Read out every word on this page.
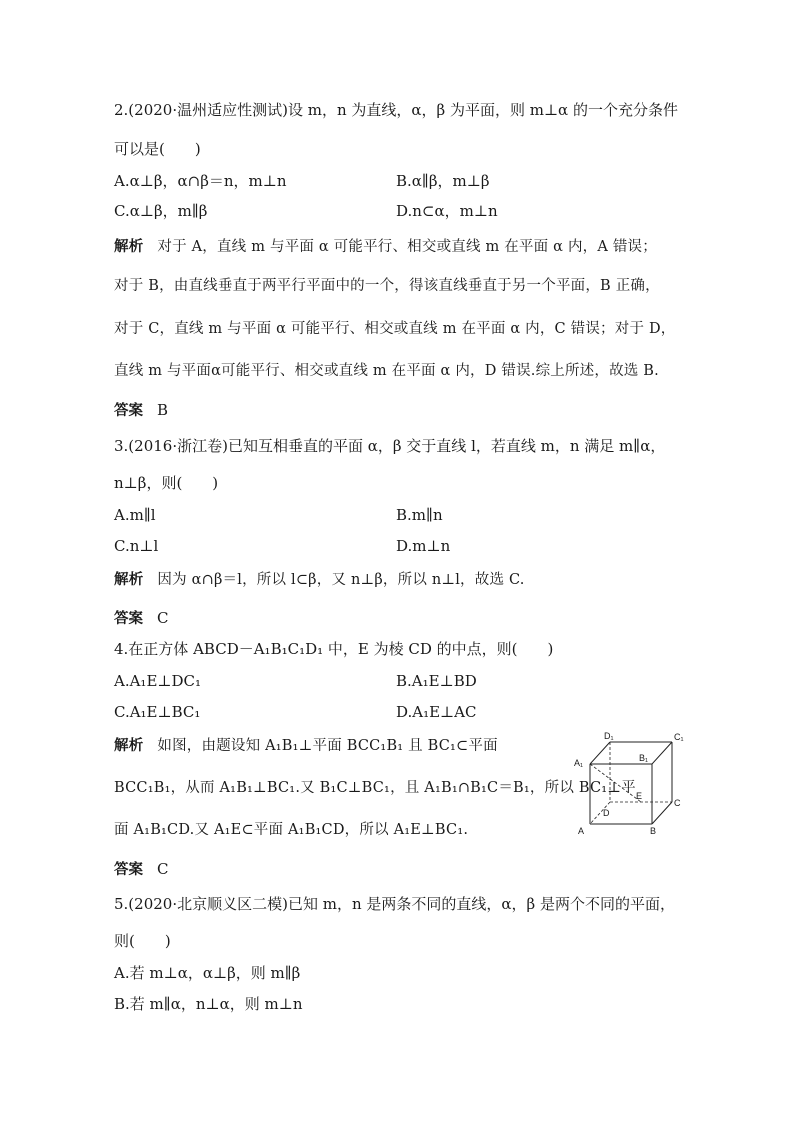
2.(2020·温州适应性测试)设 m，n 为直线，α，β 为平面，则 m⊥α 的一个充分条件
可以是(　　)
A.α⊥β，α∩β＝n，m⊥n	B.α∥β，m⊥β
C.α⊥β，m∥β	D.n⊂α，m⊥n
解析 对于 A，直线 m 与平面 α 可能平行、相交或直线 m 在平面 α 内，A 错误；
对于 B，由直线垂直于两平行平面中的一个，得该直线垂直于另一个平面，B 正确，
对于 C，直线 m 与平面 α 可能平行、相交或直线 m 在平面 α 内，C 错误；对于 D，
直线 m 与平面α可能平行、相交或直线 m 在平面 α 内，D 错误.综上所述，故选 B.
答案 B
3.(2016·浙江卷)已知互相垂直的平面 α，β 交于直线 l，若直线 m，n 满足 m∥α，
n⊥β，则(　　)
A.m∥l	B.m∥n
C.n⊥l	D.m⊥n
解析 因为 α∩β＝l，所以 l⊂β，又 n⊥β，所以 n⊥l，故选 C.
答案 C
4.在正方体 ABCD－A₁B₁C₁D₁ 中，E 为棱 CD 的中点，则(　　)
A.A₁E⊥DC₁	B.A₁E⊥BD
C.A₁E⊥BC₁	D.A₁E⊥AC
解析 如图，由题设知 A₁B₁⊥平面 BCC₁B₁ 且 BC₁⊂平面
BCC₁B₁，从而 A₁B₁⊥BC₁.又 B₁C⊥BC₁，且 A₁B₁∩B₁C＝B₁，所以 BC₁⊥平
面 A₁B₁CD.又 A₁E⊂平面 A₁B₁CD，所以 A₁E⊥BC₁.
答案 C
D₁	C₁
A₁	B₁
E
C
D
A	B
5.(2020·北京顺义区二模)已知 m，n 是两条不同的直线，α，β 是两个不同的平面，
则(　　)
A.若 m⊥α，α⊥β，则 m∥β
B.若 m∥α，n⊥α，则 m⊥n
